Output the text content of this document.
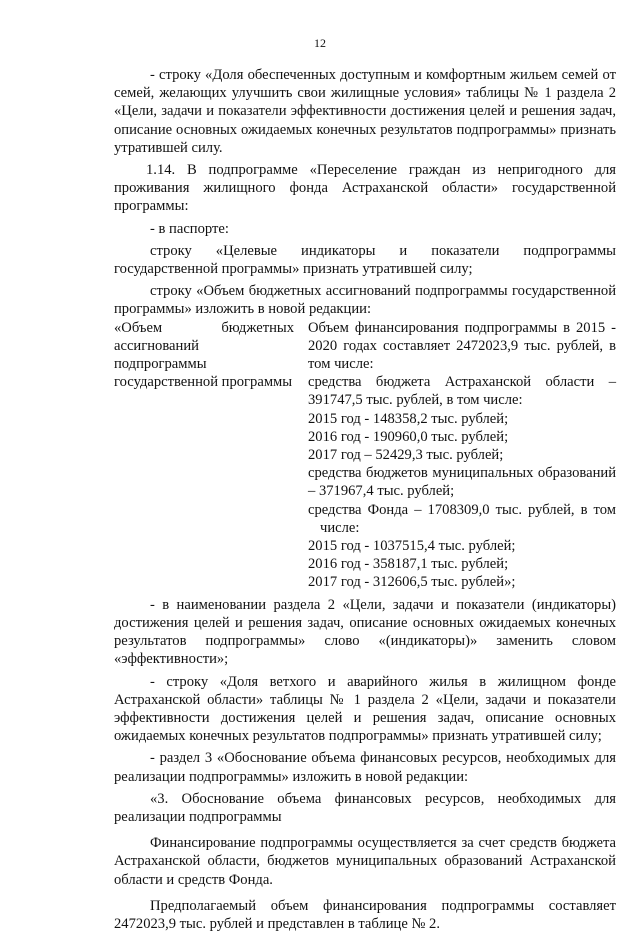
12

- строку «Доля обеспеченных доступным и комфортным жильем семей от семей, желающих улучшить свои жилищные условия» таблицы № 1 раздела 2 «Цели, задачи и показатели эффективности достижения целей и решения задач, описание основных ожидаемых конечных результатов подпрограммы» признать утратившей силу.

1.14. В подпрограмме «Переселение граждан из непригодного для проживания жилищного фонда Астраханской области» государственной программы:

- в паспорте:

строку «Целевые индикаторы и показатели подпрограммы государственной программы» признать утратившей силу;

строку «Объем бюджетных ассигнований подпрограммы государственной программы» изложить в новой редакции:

«Объем бюджетных ассигнований подпрограммы государственной программы

Объем финансирования подпрограммы в 2015 - 2020 годах составляет 2472023,9 тыс. рублей, в том числе:

средства бюджета Астраханской области – 391747,5 тыс. рублей, в том числе:

2015 год - 148358,2 тыс. рублей;

2016 год - 190960,0 тыс. рублей;

2017 год – 52429,3 тыс. рублей;

средства бюджетов муниципальных образований – 371967,4 тыс. рублей;

средства Фонда – 1708309,0 тыс. рублей, в том числе:

2015 год - 1037515,4 тыс. рублей;

2016 год - 358187,1 тыс. рублей;

2017 год - 312606,5 тыс. рублей»;

- в наименовании раздела 2 «Цели, задачи и показатели (индикаторы) достижения целей и решения задач, описание основных ожидаемых конечных результатов подпрограммы» слово «(индикаторы)» заменить словом «эффективности»;

- строку «Доля ветхого и аварийного жилья в жилищном фонде Астраханской области» таблицы № 1 раздела 2 «Цели, задачи и показатели эффективности достижения целей и решения задач, описание основных ожидаемых конечных результатов подпрограммы» признать утратившей силу;

- раздел 3 «Обоснование объема финансовых ресурсов, необходимых для реализации подпрограммы» изложить в новой редакции:

«3. Обоснование объема финансовых ресурсов, необходимых для реализации подпрограммы

Финансирование подпрограммы осуществляется за счет средств бюджета Астраханской области, бюджетов муниципальных образований Астраханской области и средств Фонда.

Предполагаемый объем финансирования подпрограммы составляет 2472023,9 тыс. рублей и представлен в таблице № 2.
